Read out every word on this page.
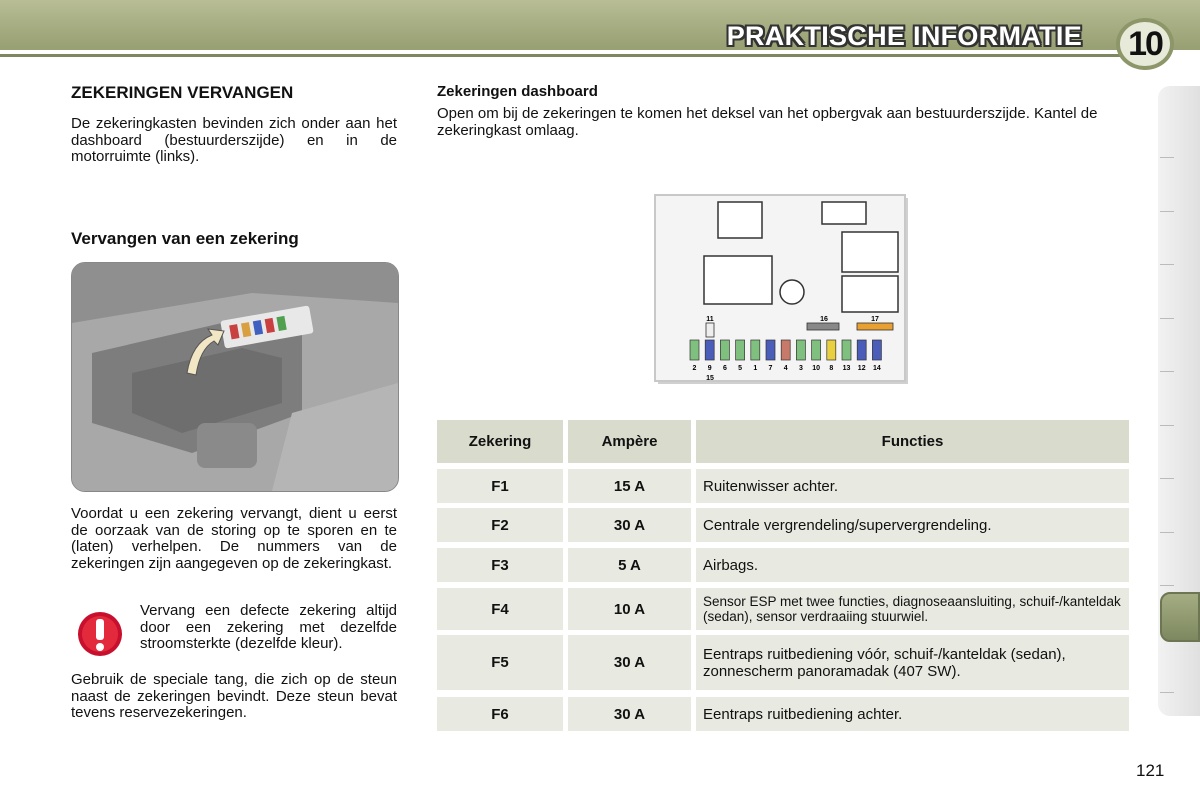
PRAKTISCHE INFORMATIE	10
ZEKERINGEN VERVANGEN

De zekeringkasten bevinden zich onder aan het dashboard (bestuurderszijde) en in de motorruimte (links).

Vervangen van een zekering

Voordat u een zekering vervangt, dient u eerst de oorzaak van de storing op te sporen en te (laten) verhelpen. De nummers van de zekeringen zijn aangegeven op de zekeringkast.

Vervang een defecte zekering altijd door een zekering met dezelfde stroomsterkte (dezelfde kleur).

Gebruik de speciale tang, die zich op de steun naast de zekeringen bevindt. Deze steun bevat tevens reservezekeringen.

Zekeringen dashboard

Open om bij de zekeringen te komen het deksel van het opbergvak aan bestuurderszijde. Kantel de zekeringkast omlaag.

11	16	17
2 9 6 5 1 7 4 3 10 8 13 12 14
15
Zekering	Ampère	Functies
F1	15 A	Ruitenwisser achter.
F2	30 A	Centrale vergrendeling/supervergrendeling.
F3	5 A	Airbags.
F4	10 A	Sensor ESP met twee functies, diagnoseaansluiting, schuif-/kanteldak (sedan), sensor verdraaiing stuurwiel.
F5	30 A	Eentraps ruitbediening vóór, schuif-/kanteldak (sedan), zonnescherm panoramadak (407 SW).
F6	30 A	Eentraps ruitbediening achter.
121
